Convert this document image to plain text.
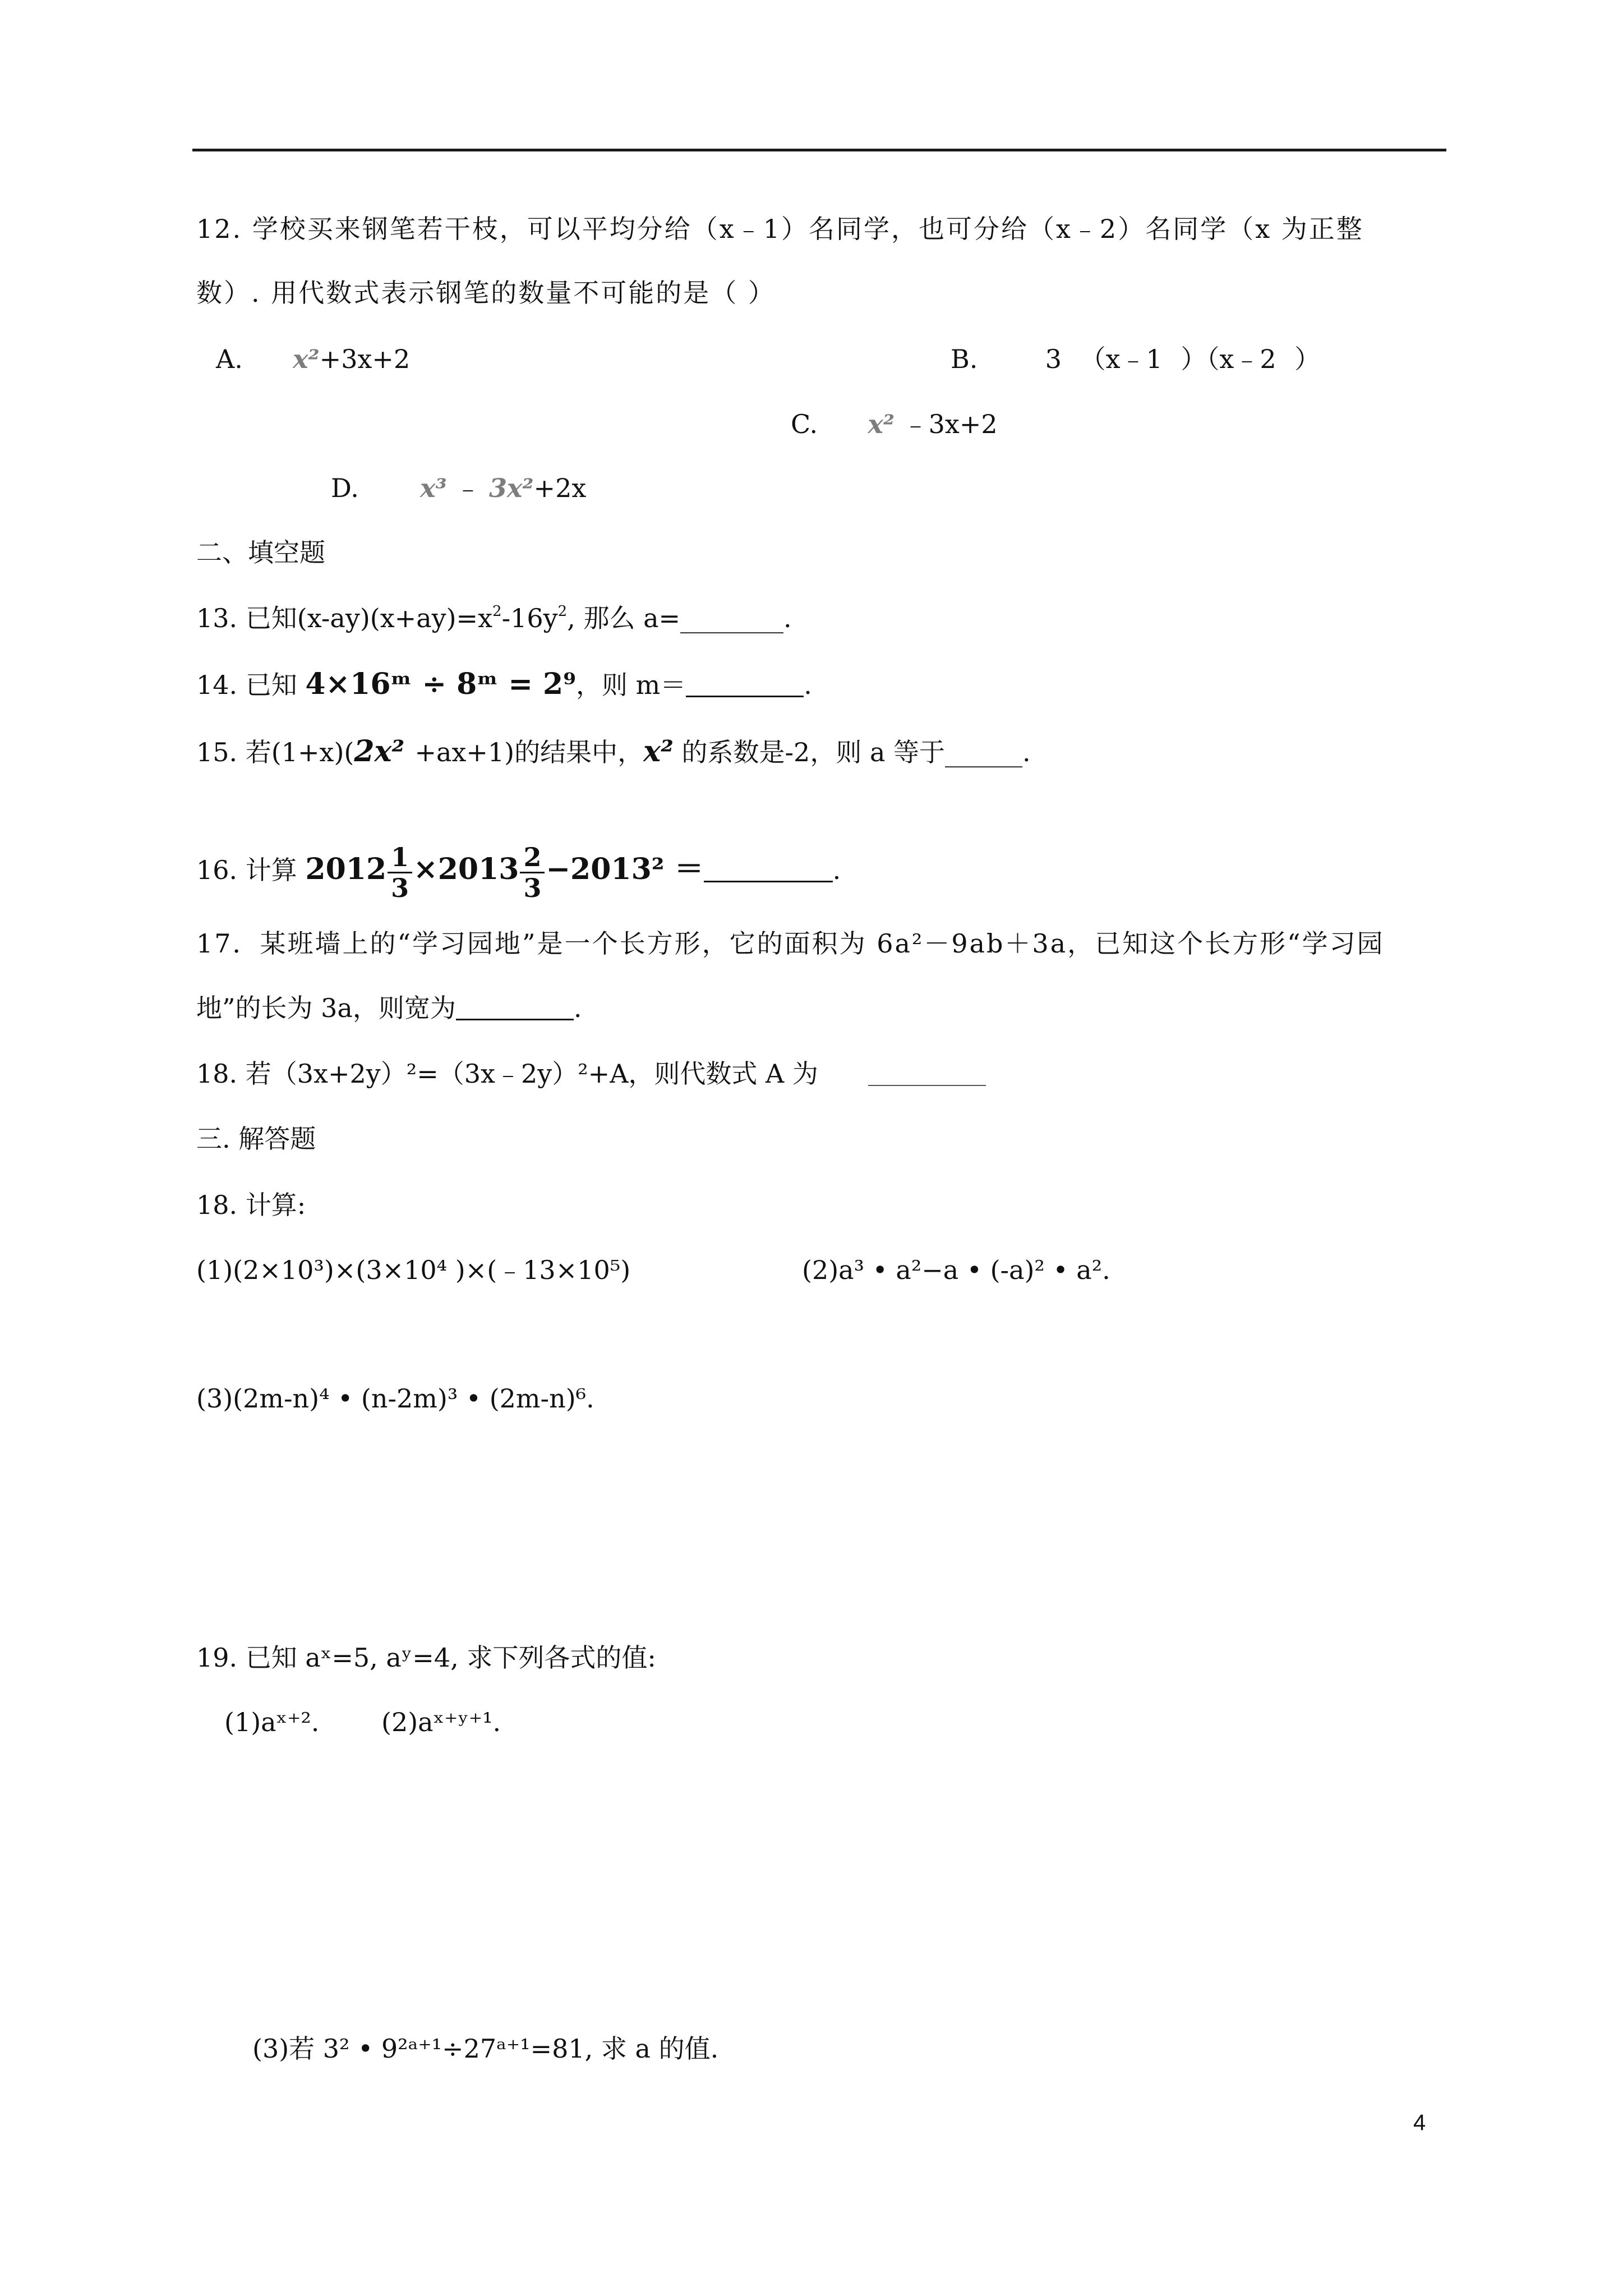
12. 学校买来钢笔若干枝，可以平均分给（x﹣1）名同学，也可分给（x﹣2）名同学（x 为正整
数）. 用代数式表示钢笔的数量不可能的是（ ）
A. x²+3x+2	B.	3 （x﹣1 ）（x﹣2 ）
C. x² ﹣3x+2
D. x³ ﹣ 3x²+2x
二、填空题
13. 已知$(x-ay)(x+ay)=x^2-16y^2$, 那么 a=________.
14. 已知 4×16ᵐ ÷ 8ᵐ = 2⁹，则 m＝	.
15. 若(1+x)(2x² +ax+1)的结果中，x² 的系数是-2，则 a 等于______.
16. 计算 $2012 \frac{1}{3} \times 2013 \frac{2}{3} -2013^2$ ＝	.
17．某班墙上的“学习园地”是一个长方形，它的面积为 6a²－9ab＋3a，已知这个长方形“学习园
地”的长为 3a，则宽为	.
18. 若（3x+2y）²=（3x﹣2y）²+A，则代数式 A 为
三. 解答题
18. 计算:
(1)(2×10³)×(3×10⁴ )×(﹣13×10⁵)	(2)a³ • a²−a • (-a)² • a².
(3)(2m-n)⁴ • (n-2m)³ • (2m-n)⁶.
19. 已知 aˣ=5, aʸ=4, 求下列各式的值:
(1)aˣ⁺². (2)aˣ⁺ʸ⁺¹.
(3)若 3² • 9²ᵃ⁺¹÷27ᵃ⁺¹=81, 求 a 的值.
4
